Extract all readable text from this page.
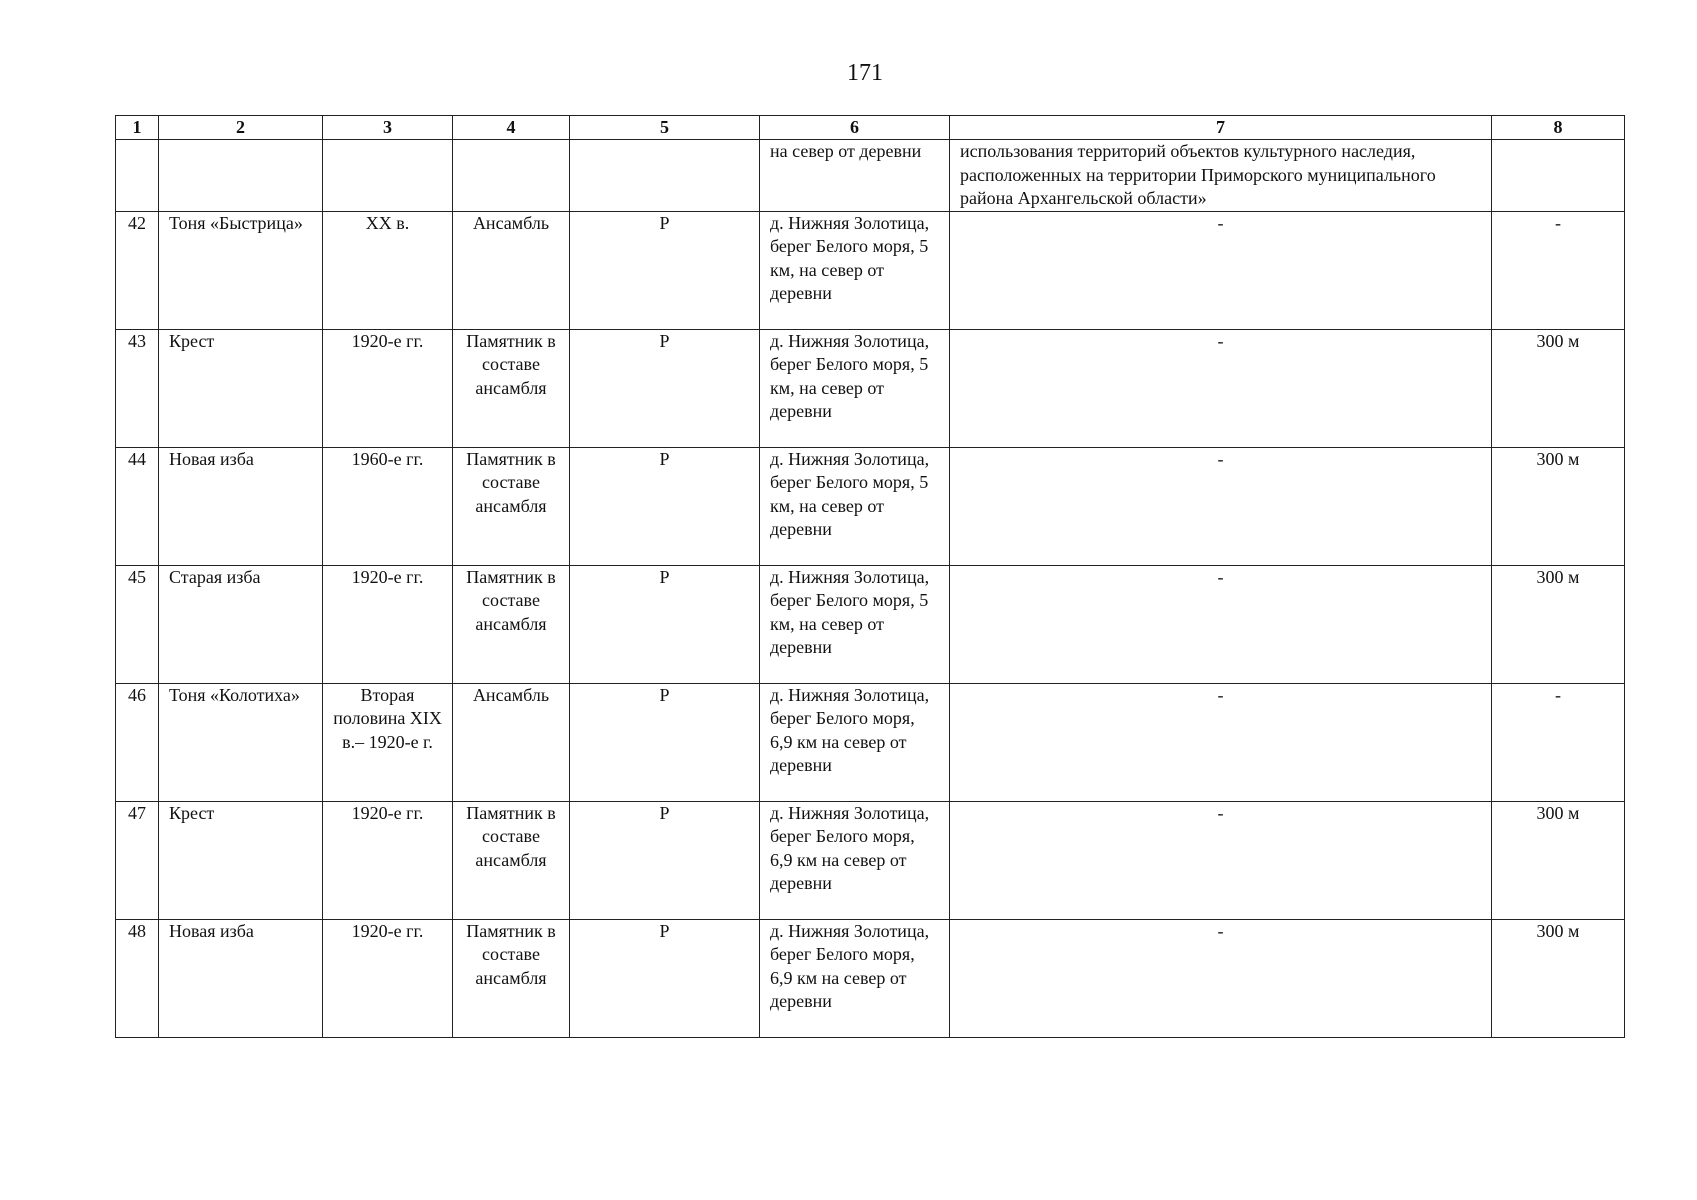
171
1	2	3	4	5	6	7	8
					на север от деревни	использования территорий объектов культурного наследия, расположенных на территории Приморского муниципального района Архангельской области»	
42	Тоня «Быстрица»	XX в.	Ансамбль	Р	д. Нижняя Золотица, берег Белого моря, 5 км, на север от деревни	-	-
43	Крест	1920-е гг.	Памятник в составе ансамбля	Р	д. Нижняя Золотица, берег Белого моря, 5 км, на север от деревни	-	300 м
44	Новая изба	1960-е гг.	Памятник в составе ансамбля	Р	д. Нижняя Золотица, берег Белого моря, 5 км, на север от деревни	-	300 м
45	Старая изба	1920-е гг.	Памятник в составе ансамбля	Р	д. Нижняя Золотица, берег Белого моря, 5 км, на север от деревни	-	300 м
46	Тоня «Колотиха»	Вторая половина XIX в.– 1920-е г.	Ансамбль	Р	д. Нижняя Золотица, берег Белого моря, 6,9 км на север от деревни	-	-
47	Крест	1920-е гг.	Памятник в составе ансамбля	Р	д. Нижняя Золотица, берег Белого моря, 6,9 км на север от деревни	-	300 м
48	Новая изба	1920-е гг.	Памятник в составе ансамбля	Р	д. Нижняя Золотица, берег Белого моря, 6,9 км на север от деревни	-	300 м
